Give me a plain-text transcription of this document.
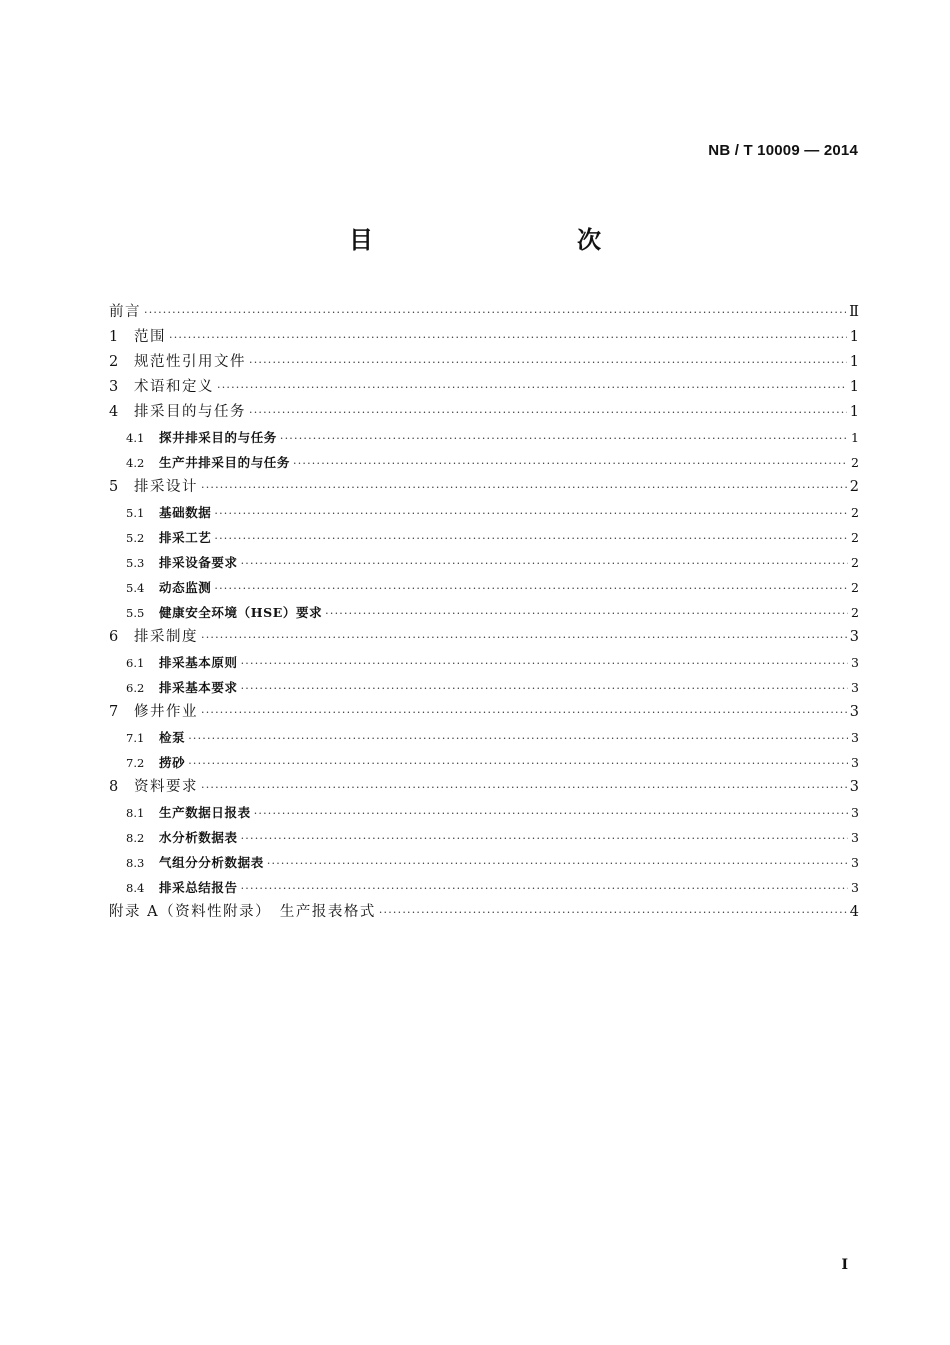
NB / T 10009 — 2014
目　　次
前言 ·····	Ⅱ
1	范围 ·····	1
2	规范性引用文件 ·····	1
3	术语和定义 ·····	1
4	排采目的与任务 ·····	1
4.1	探井排采目的与任务 ·····	1
4.2	生产井排采目的与任务 ·····	2
5	排采设计 ·····	2
5.1	基础数据 ·····	2
5.2	排采工艺 ·····	2
5.3	排采设备要求 ·····	2
5.4	动态监测 ·····	2
5.5	健康安全环境（HSE）要求 ·····	2
6	排采制度 ·····	3
6.1	排采基本原则 ·····	3
6.2	排采基本要求 ·····	3
7	修井作业 ·····	3
7.1	检泵 ·····	3
7.2	捞砂 ·····	3
8	资料要求 ·····	3
8.1	生产数据日报表 ·····	3
8.2	水分析数据表 ·····	3
8.3	气组分分析数据表 ·····	3
8.4	排采总结报告 ·····	3
附录 A（资料性附录）　生产报表格式 ·····	4
I
